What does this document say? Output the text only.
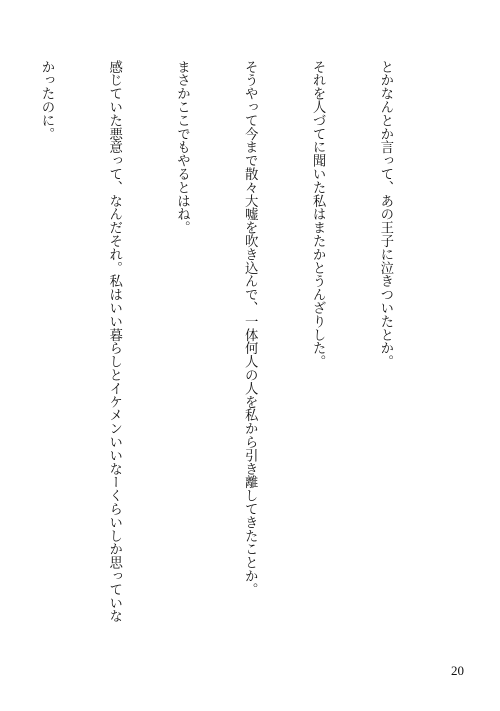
とかなんとか言って、あの王子に泣きついたとか。

それを人づてに聞いた私はまたかとうんざりした。

そうやって今まで散々大嘘を吹き込んで、一体何人の人を私から引き離してきたことか。

まさかここでもやるとはね。

感じていた悪意って、なんだそれ。私はいい暮らしとイケメンいいなーくらいしか思っていな

かったのに。

20
